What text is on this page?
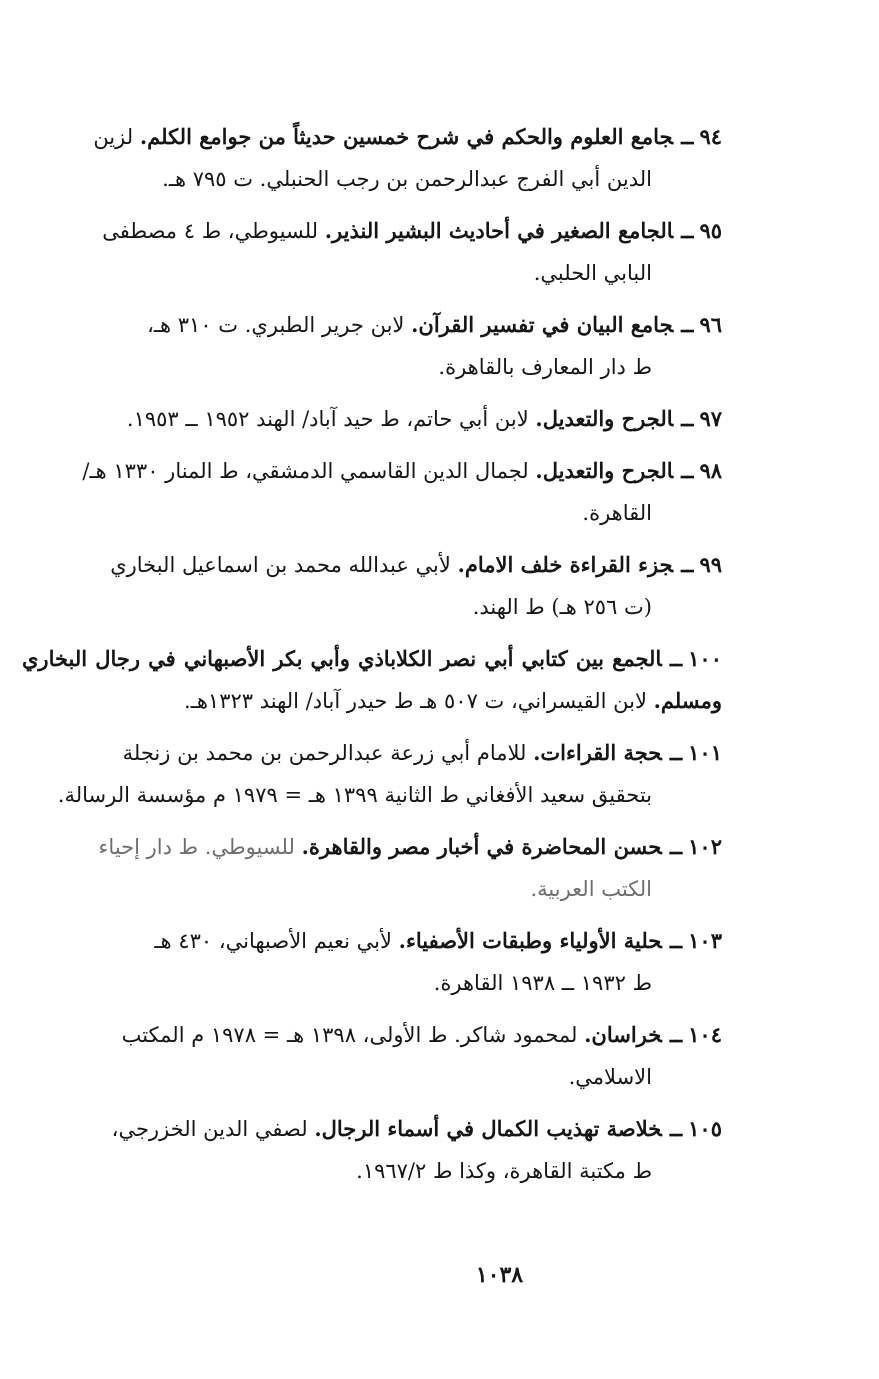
٩٤ــجامع العلوم والحكم في شرح خمسين حديثاً من جوامع الكلم. لزين
الدين أبي الفرج عبدالرحمن بن رجب الحنبلي. ت ٧٩٥ هـ.
٩٥ــالجامع الصغير في أحاديث البشير النذير. للسيوطي، ط ٤ مصطفى
البابي الحلبي.
٩٦ــجامع البيان في تفسير القرآن. لابن جرير الطبري. ت ٣١٠ هـ،
ط دار المعارف بالقاهرة.
٩٧ــالجرح والتعديل. لابن أبي حاتم، ط حيد آباد/ الهند ١٩٥٢ ــ ١٩٥٣.
٩٨ــالجرح والتعديل. لجمال الدين القاسمي الدمشقي، ط المنار ١٣٣٠ هـ/
القاهرة.
٩٩ــجزء القراءة خلف الامام. لأبي عبدالله محمد بن اسماعيل البخاري
(ت ٢٥٦ هـ) ط الهند.
١٠٠ــالجمع بين كتابي أبي نصر الكلاباذي وأبي بكر الأصبهاني في رجال البخاري ومسلم. لابن القيسراني، ت ٥٠٧ هـ ط حيدر آباد/ الهند ١٣٢٣هـ.
١٠١ــحجة القراءات. للامام أبي زرعة عبدالرحمن بن محمد بن زنجلة
بتحقيق سعيد الأفغاني ط الثانية ١٣٩٩ هـ = ١٩٧٩ م مؤسسة الرسالة.
١٠٢ــحسن المحاضرة في أخبار مصر والقاهرة. للسيوطي. ط دار إحياء
الكتب العربية.
١٠٣ــحلية الأولياء وطبقات الأصفياء. لأبي نعيم الأصبهاني، ٤٣٠ هـ
ط ١٩٣٢ ــ ١٩٣٨ القاهرة.
١٠٤ــخراسان. لمحمود شاكر. ط الأولى، ١٣٩٨ هـ = ١٩٧٨ م المكتب
الاسلامي.
١٠٥ــخلاصة تهذيب الكمال في أسماء الرجال. لصفي الدين الخزرجي،
ط مكتبة القاهرة، وكذا ط ١٩٦٧/٢.
١٠٣٨
